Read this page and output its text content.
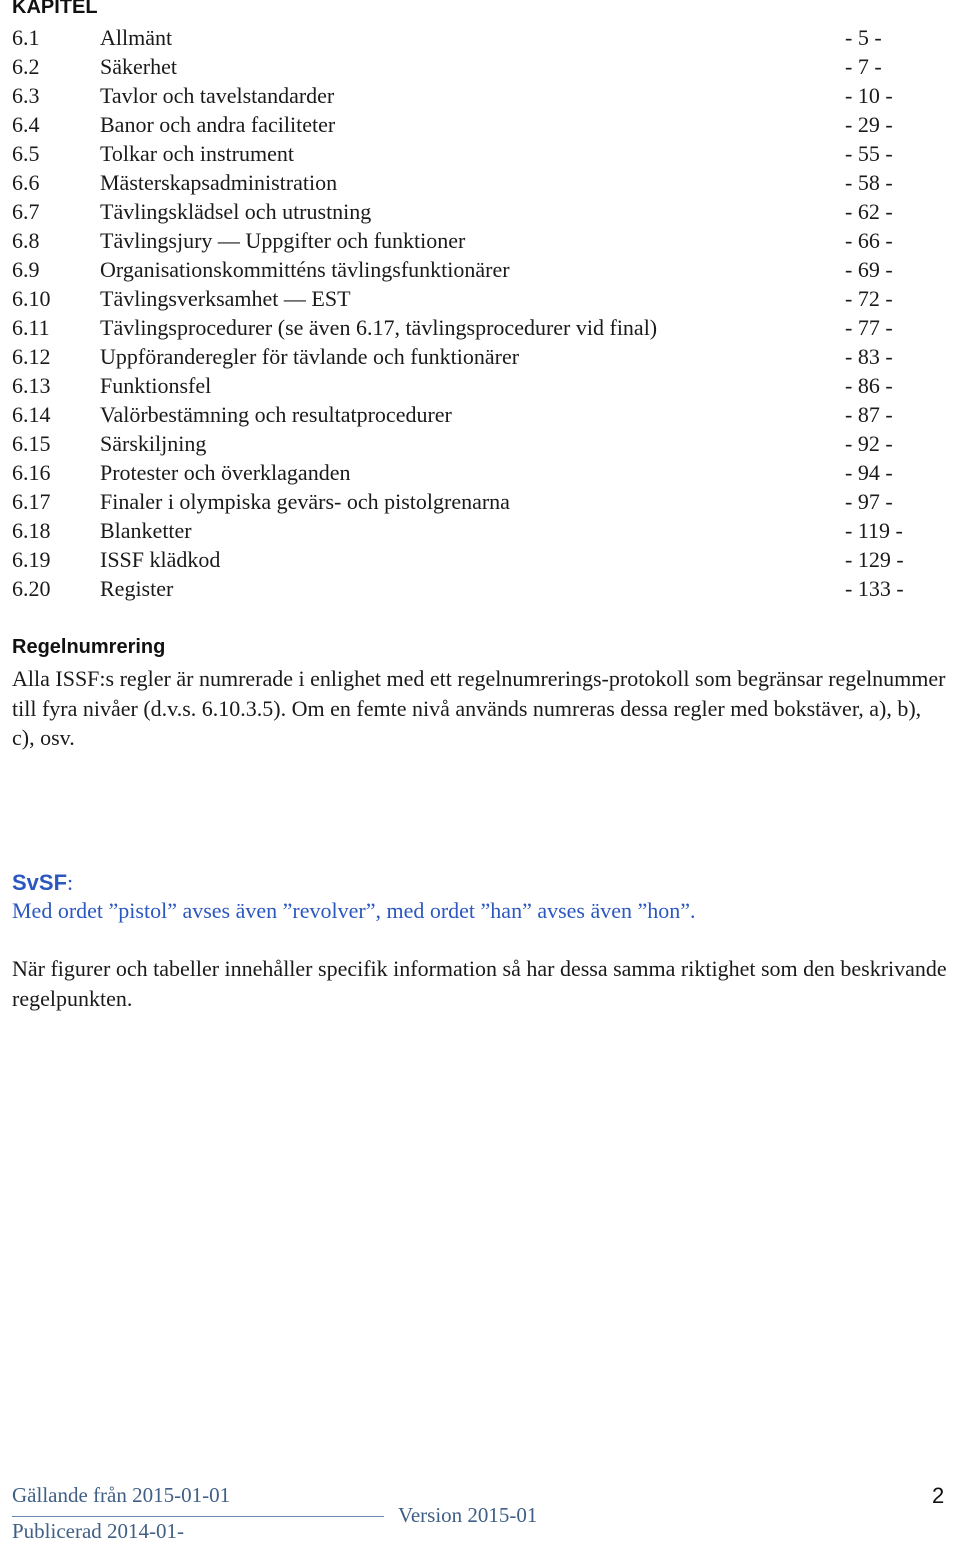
KAPITEL
6.1	Allmänt	- 5 -
6.2	Säkerhet	- 7 -
6.3	Tavlor och tavelstandarder	- 10 -
6.4	Banor och andra faciliteter	- 29 -
6.5	Tolkar och instrument	- 55 -
6.6	Mästerskapsadministration	- 58 -
6.7	Tävlingsklädsel och utrustning	- 62 -
6.8	Tävlingsjury — Uppgifter och funktioner	- 66 -
6.9	Organisationskommitténs tävlingsfunktionärer	- 69 -
6.10 Tävlingsverksamhet — EST	- 72 -
6.11 Tävlingsprocedurer (se även 6.17, tävlingsprocedurer vid final)	- 77 -
6.12 Uppföranderegler för tävlande och funktionärer	- 83 -
6.13 Funktionsfel	- 86 -
6.14 Valörbestämning och resultatprocedurer	- 87 -
6.15 Särskiljning	- 92 -
6.16 Protester och överklaganden	- 94 -
6.17 Finaler i olympiska gevärs- och pistolgrenarna	- 97 -
6.18 Blanketter	- 119 -
6.19 ISSF klädkod	- 129 -
6.20 Register	- 133 -
Regelnumrering

Alla ISSF:s regler är numrerade i enlighet med ett regelnumrerings-protokoll som begränsar regelnummer till fyra nivåer (d.v.s. 6.10.3.5). Om en femte nivå används numreras dessa regler med bokstäver, a), b), c), osv.

SvSF:

Med ordet ”pistol” avses även ”revolver”, med ordet ”han” avses även ”hon”.

När figurer och tabeller innehåller specifik information så har dessa samma riktighet som den beskrivande regelpunkten.

Gällande från 2015-01-01
Version 2015-01
Publicerad 2014-01-
2
